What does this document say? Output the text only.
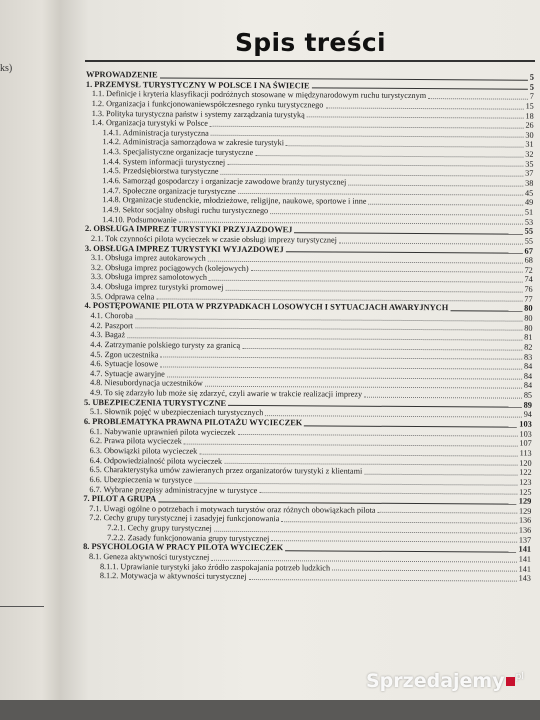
ks)
Spis treści
WPROWADZENIE	5
1. PRZEMYSŁ TURYSTYCZNY W POLSCE I NA ŚWIECIE	5
1.1. Definicje i kryteria klasyfikacji podróżnych stosowane w międzynarodowym ruchu turystycznym	7
1.2. Organizacja i funkcjonowaniewspółczesnego rynku turystycznego	15
1.3. Polityka turystyczna państw i systemy zarządzania turystyką	18
1.4. Organizacja turystyki w Polsce	26
1.4.1. Administracja turystyczna	30
1.4.2. Administracja samorządowa w zakresie turystyki	31
1.4.3. Specjalistyczne organizacje turystyczne	32
1.4.4. System informacji turystycznej	35
1.4.5. Przedsiębiorstwa turystyczne	37
1.4.6. Samorząd gospodarczy i organizacje zawodowe branży turystycznej	38
1.4.7. Społeczne organizacje turystyczne	45
1.4.8. Organizacje studenckie, młodzieżowe, religijne, naukowe, sportowe i inne	49
1.4.9. Sektor socjalny obsługi ruchu turystycznego	51
1.4.10. Podsumowanie	53
2. OBSŁUGA IMPREZ TURYSTYKI PRZYJAZDOWEJ	55
2.1. Tok czynności pilota wycieczek w czasie obsługi imprezy turystycznej	55
3. OBSŁUGA IMPREZ TURYSTYKI WYJAZDOWEJ	67
3.1. Obsługa imprez autokarowych	68
3.2. Obsługa imprez pociągowych (kolejowych)	72
3.3. Obsługa imprez samolotowych	74
3.4. Obsługa imprez turystyki promowej	76
3.5. Odprawa celna	77
4. POSTĘPOWANIE PILOTA W PRZYPADKACH LOSOWYCH I SYTUACJACH AWARYJNYCH	80
4.1. Choroba	80
4.2. Paszport	80
4.3. Bagaż	81
4.4. Zatrzymanie polskiego turysty za granicą	82
4.5. Zgon uczestnika	83
4.6. Sytuacje losowe	84
4.7. Sytuacje awaryjne	84
4.8. Niesubordynacja uczestników	84
4.9. To się zdarzyło lub może się zdarzyć, czyli awarie w trakcie realizacji imprezy	85
5. UBEZPIECZENIA TURYSTYCZNE	89
5.1. Słownik pojęć w ubezpieczeniach turystycznych	94
6. PROBLEMATYKA PRAWNA PILOTAŻU WYCIECZEK	103
6.1. Nabywanie uprawnień pilota wycieczek	103
6.2. Prawa pilota wycieczek	107
6.3. Obowiązki pilota wycieczek	113
6.4. Odpowiedzialność pilota wycieczek	120
6.5. Charakterystyka umów zawieranych przez organizatorów turystyki z klientami	122
6.6. Ubezpieczenia w turystyce	123
6.7. Wybrane przepisy administracyjne w turystyce	125
7. PILOT A GRUPA	129
7.1. Uwagi ogólne o potrzebach i motywach turystów oraz różnych obowiązkach pilota	129
7.2. Cechy grupy turystycznej i zasadyjej funkcjonowania	136
7.2.1. Cechy grupy turystycznej	136
7.2.2. Zasady funkcjonowania grupy turystycznej	137
8. PSYCHOLOGIA W PRACY PILOTA WYCIECZEK	141
8.1. Geneza aktywności turystycznej	141
8.1.1. Uprawianie turystyki jako źródło zaspokajania potrzeb ludzkich	141
8.1.2. Motywacja w aktywności turystycznej	143
Sprzedajemy $^{pl}$
